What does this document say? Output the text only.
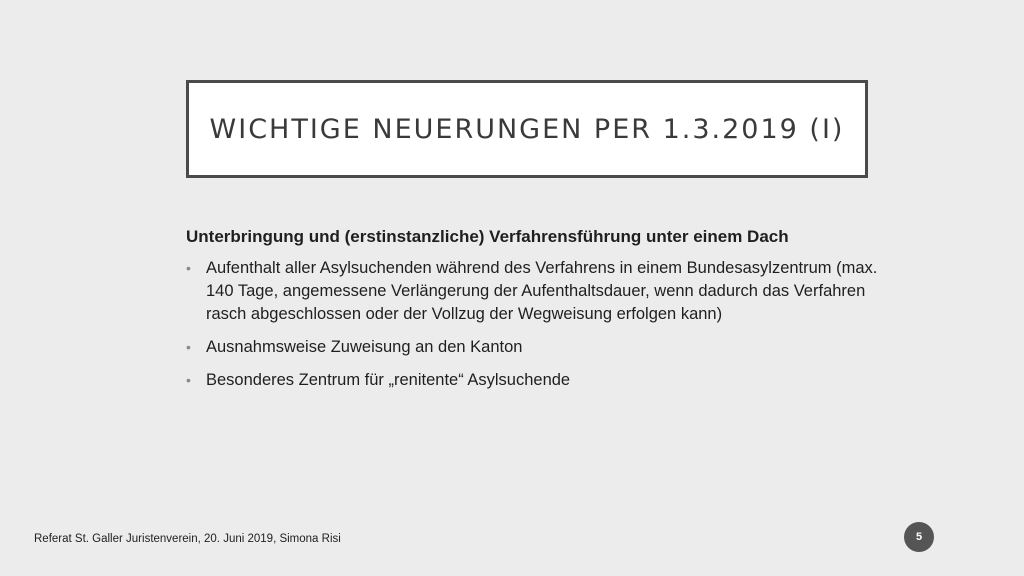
WICHTIGE NEUERUNGEN PER 1.3.2019 (I)
Unterbringung und (erstinstanzliche) Verfahrensführung unter einem Dach
• Aufenthalt aller Asylsuchenden während des Verfahrens in einem Bundesasylzentrum (max. 140 Tage, angemessene Verlängerung der Aufenthaltsdauer, wenn dadurch das Verfahren rasch abgeschlossen oder der Vollzug der Wegweisung erfolgen kann)
• Ausnahmsweise Zuweisung an den Kanton
• Besonderes Zentrum für „renitente“ Asylsuchende
Referat St. Galler Juristenverein, 20. Juni 2019, Simona Risi	5
